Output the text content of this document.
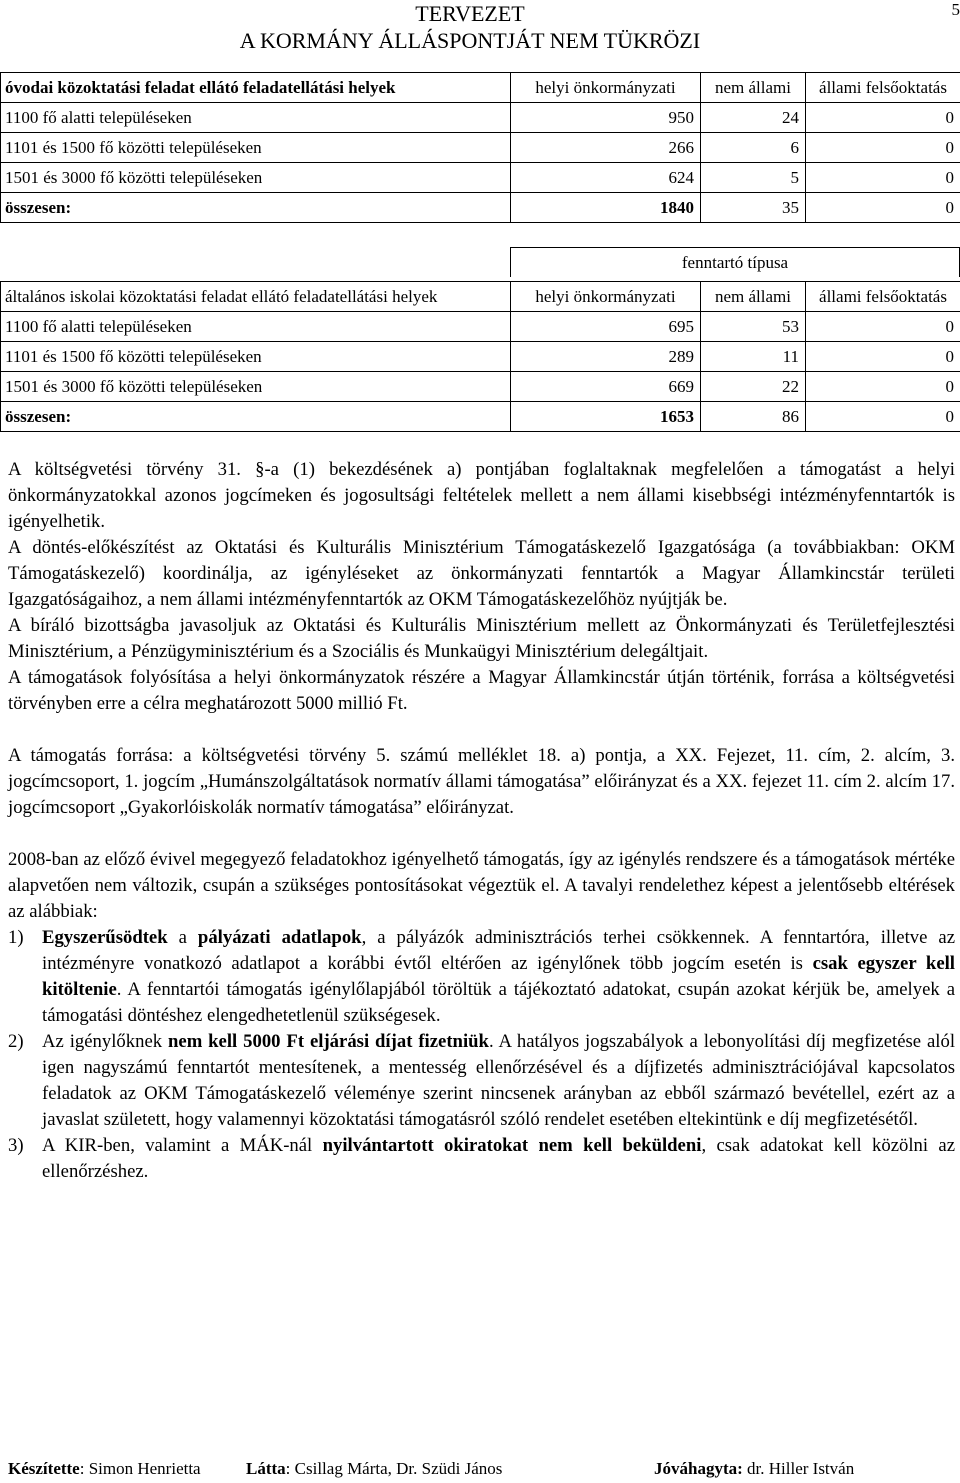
TERVEZET
A KORMÁNY ÁLLÁSPONTJÁT NEM TÜKRÖZI
5
óvodai közoktatási feladat ellátó feladatellátási helyek	helyi önkormányzati	nem állami	állami felsőoktatás
1100 fő alatti településeken	950	24	0
1101 és 1500 fő közötti településeken	266	6	0
1501 és 3000 fő közötti településeken	624	5	0
összesen:	1840	35	0
fenntartó típusa
általános iskolai közoktatási feladat ellátó feladatellátási helyek	helyi önkormányzati	nem állami	állami felsőoktatás
1100 fő alatti településeken	695	53	0
1101 és 1500 fő közötti településeken	289	11	0
1501 és 3000 fő közötti településeken	669	22	0
összesen:	1653	86	0

A költségvetési törvény 31. §-a (1) bekezdésének a) pontjában foglaltaknak megfelelően a támogatást a helyi önkormányzatokkal azonos jogcímeken és jogosultsági feltételek mellett a nem állami kisebbségi intézményfenntartók is igényelhetik.

A döntés-előkészítést az Oktatási és Kulturális Minisztérium Támogatáskezelő Igazgatósága (a továbbiakban: OKM Támogatáskezelő) koordinálja, az igényléseket az önkormányzati fenntartók a Magyar Államkincstár területi Igazgatóságaihoz, a nem állami intézményfenntartók az OKM Támogatáskezelőhöz nyújtják be.

A bíráló bizottságba javasoljuk az Oktatási és Kulturális Minisztérium mellett az Önkormányzati és Területfejlesztési Minisztérium, a Pénzügyminisztérium és a Szociális és Munkaügyi Minisztérium delegáltjait.

A támogatások folyósítása a helyi önkormányzatok részére a Magyar Államkincstár útján történik, forrása a költségvetési törvényben erre a célra meghatározott 5000 millió Ft.

A támogatás forrása: a költségvetési törvény 5. számú melléklet 18. a) pontja, a XX. Fejezet, 11. cím, 2. alcím, 3. jogcímcsoport, 1. jogcím „Humánszolgáltatások normatív állami támogatása” előirányzat és a XX. fejezet 11. cím 2. alcím 17. jogcímcsoport „Gyakorlóiskolák normatív támogatása” előirányzat.

2008-ban az előző évivel megegyező feladatokhoz igényelhető támogatás, így az igénylés rendszere és a támogatások mértéke alapvetően nem változik, csupán a szükséges pontosításokat végeztük el. A tavalyi rendelethez képest a jelentősebb eltérések az alábbiak:

1) Egyszerűsödtek a pályázati adatlapok, a pályázók adminisztrációs terhei csökkennek. A fenntartóra, illetve az intézményre vonatkozó adatlapot a korábbi évtől eltérően az igénylőnek több jogcím esetén is csak egyszer kell kitöltenie. A fenntartói támogatás igénylőlapjából töröltük a tájékoztató adatokat, csupán azokat kérjük be, amelyek a támogatási döntéshez elengedhetetlenül szükségesek.
2) Az igénylőknek nem kell 5000 Ft eljárási díjat fizetniük. A hatályos jogszabályok a lebonyolítási díj megfizetése alól igen nagyszámú fenntartót mentesítenek, a mentesség ellenőrzésével és a díjfizetés adminisztrációjával kapcsolatos feladatok az OKM Támogatáskezelő véleménye szerint nincsenek arányban az ebből származó bevétellel, ezért az a javaslat született, hogy valamennyi közoktatási támogatásról szóló rendelet esetében eltekintünk e díj megfizetésétől.
3) A KIR-ben, valamint a MÁK-nál nyilvántartott okiratokat nem kell beküldeni, csak adatokat kell közölni az ellenőrzéshez.
Készítette: Simon Henrietta	Látta: Csillag Márta, Dr. Szüdi János	Jóváhagyta: dr. Hiller István
